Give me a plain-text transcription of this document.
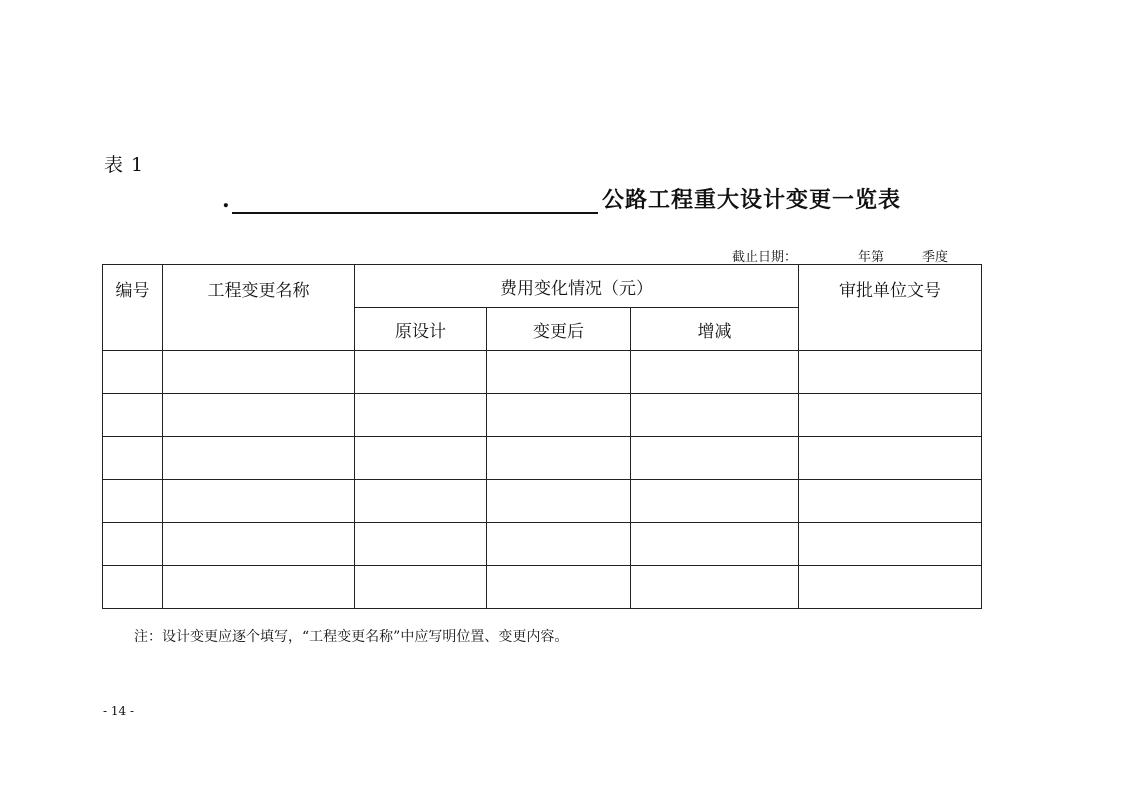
表 1
.	公路工程重大设计变更一览表
截止日期：	年第	季度
编号	工程变更名称	费用变化情况（元）			审批单位文号
		原设计	变更后	增减	

注：设计变更应逐个填写，“工程变更名称”中应写明位置、变更内容。
- 14 -
